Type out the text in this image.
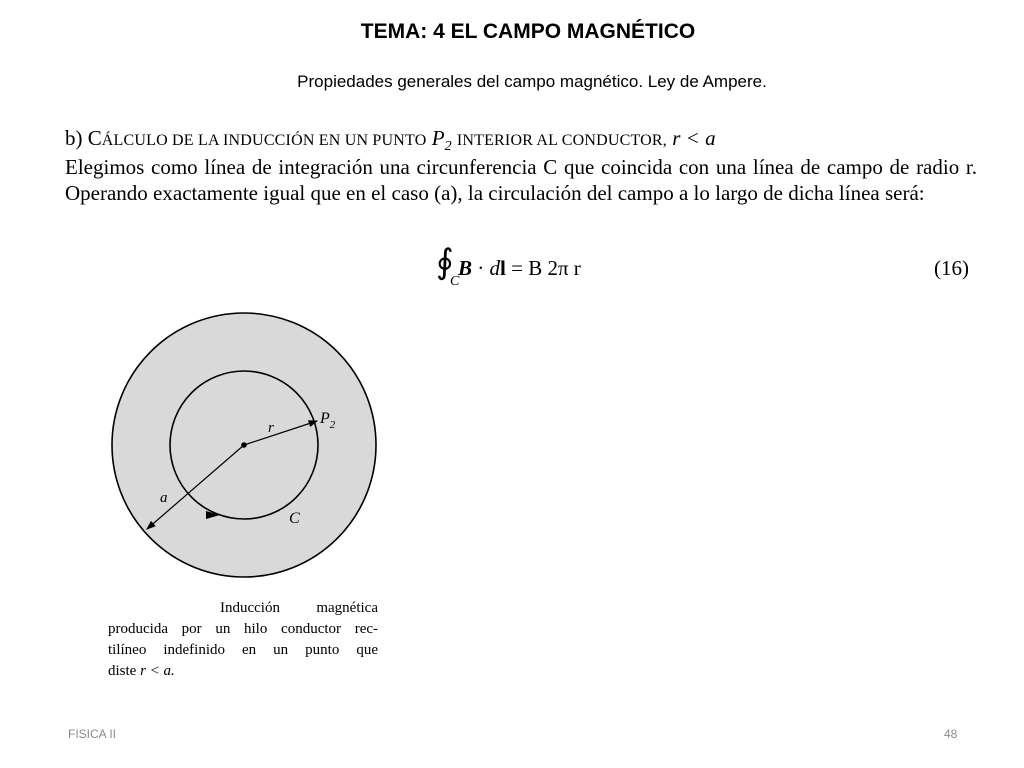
TEMA: 4 EL CAMPO MAGNÉTICO
Propiedades generales del campo magnético. Ley de Ampere.
b) CÁLCULO DE LA INDUCCIÓN EN UN PUNTO $P_2$ INTERIOR AL CONDUCTOR, r < a
Elegimos como línea de integración una circunferencia C que coincida con una línea de campo de radio r. Operando exactamente igual que en el caso (a), la circulación del campo a lo largo de dicha línea será:
∮
C
B · dl = B 2π r	(16)
r
$P_2$
a
C
Inducción magnética
producida por un hilo conductor rec-
tilíneo indefinido en un punto que
diste r < a.
FISICA II	48
